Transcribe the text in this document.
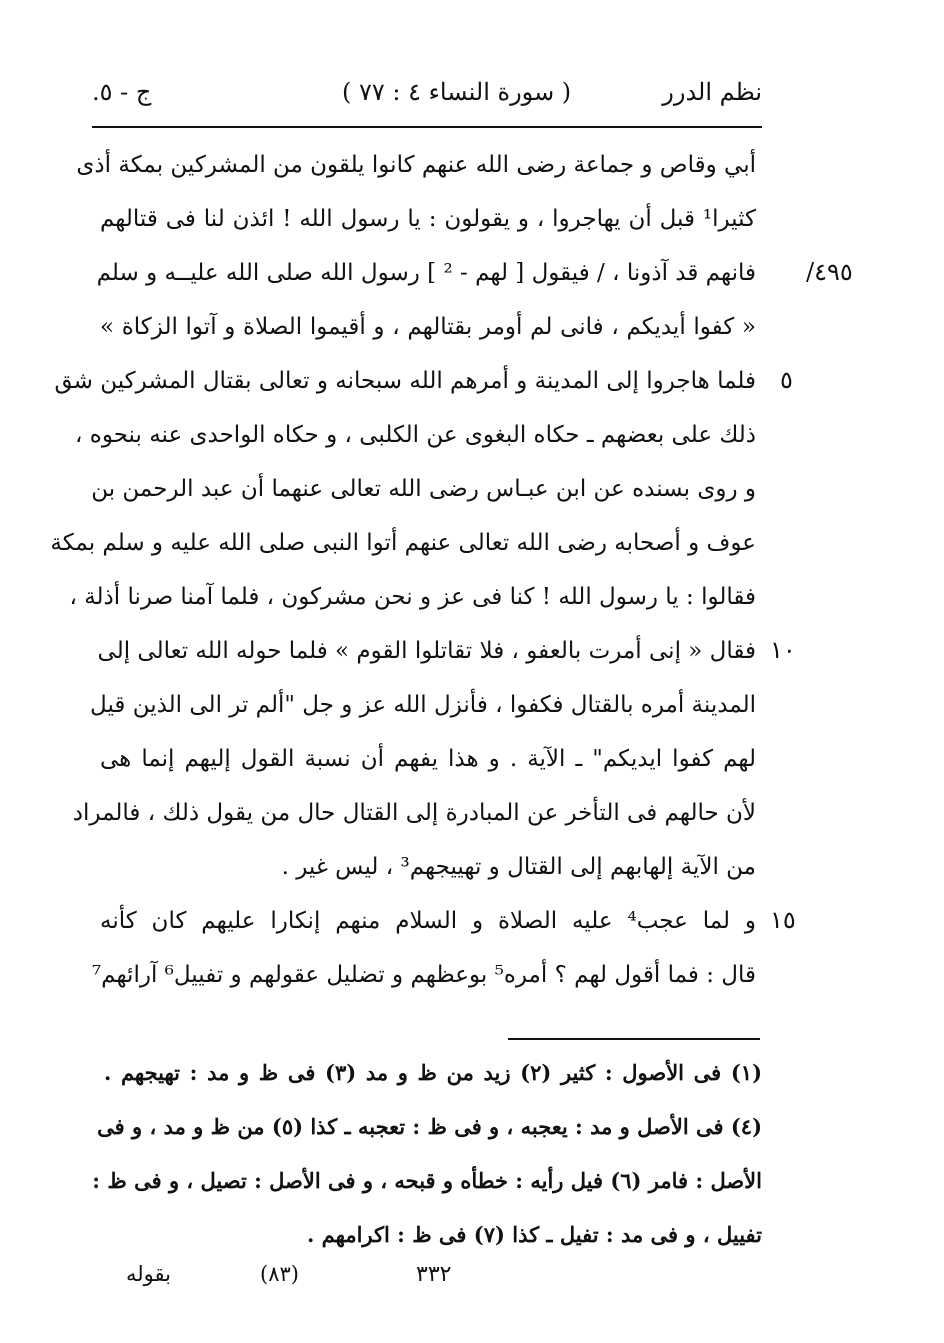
ج - ٥.	( سورة النساء ٤ : ٧٧ )	نظم الدرر
٤٩٥/
٥
١٠
١٥
أبي وقاص و جماعة رضى الله عنهم كانوا يلقون من المشركين بمكة أذى
كثيرا¹ قبل أن يهاجروا ، و يقولون : يا رسول الله ! ائذن لنا فى قتالهم
فانهم قد آذونا ، / فيقول [ لهم - ² ] رسول الله صلى الله عليــه و سلم
« كفوا أيديكم ، فانى لم أومر بقتالهم ، و أقيموا الصلاة و آتوا الزكاة »
فلما هاجروا إلى المدينة و أمرهم الله سبحانه و تعالى بقتال المشركين شق
ذلك على بعضهم ـ حكاه البغوى عن الكلبى ، و حكاه الواحدى عنه بنحوه ،
و روى بسنده عن ابن عبـاس رضى الله تعالى عنهما أن عبد الرحمن بن
عوف و أصحابه رضى الله تعالى عنهم أتوا النبى صلى الله عليه و سلم بمكة
فقالوا : يا رسول الله ! كنا فى عز و نحن مشركون ، فلما آمنا صرنا أذلة ،
فقال « إنى أمرت بالعفو ، فلا تقاتلوا القوم » فلما حوله الله تعالى إلى
المدينة أمره بالقتال فكفوا ، فأنزل الله عز و جل "ألم تر الى الذين قيل
لهم كفوا ايديكم" ـ الآية . و هذا يفهم أن نسبة القول إليهم إنما هى
لأن حالهم فى التأخر عن المبادرة إلى القتال حال من يقول ذلك ، فالمراد
من الآية إلهابهم إلى القتال و تهييجهم³ ، ليس غير .
و لما عجب⁴ عليه الصلاة و السلام منهم إنكارا عليهم كان كأنه
قال : فما أقول لهم ؟ أمره⁵ بوعظهم و تضليل عقولهم و تفييل⁶ آرائهم⁷
(١) فى الأصول : كثير (٢) زيد من ظ و مد (٣) فى ظ و مد : تهيجهم .
(٤) فى الأصل و مد : يعجبه ، و فى ظ : تعجبه ـ كذا (٥) من ظ و مد ، و فى
الأصل : فامر (٦) فيل رأيه : خطأه و قبحه ، و فى الأصل : تصيل ، و فى ظ :
تفييل ، و فى مد : تفيل ـ كذا (٧) فى ظ : اكرامهم .
بقوله	(٨٣)	٣٣٢
